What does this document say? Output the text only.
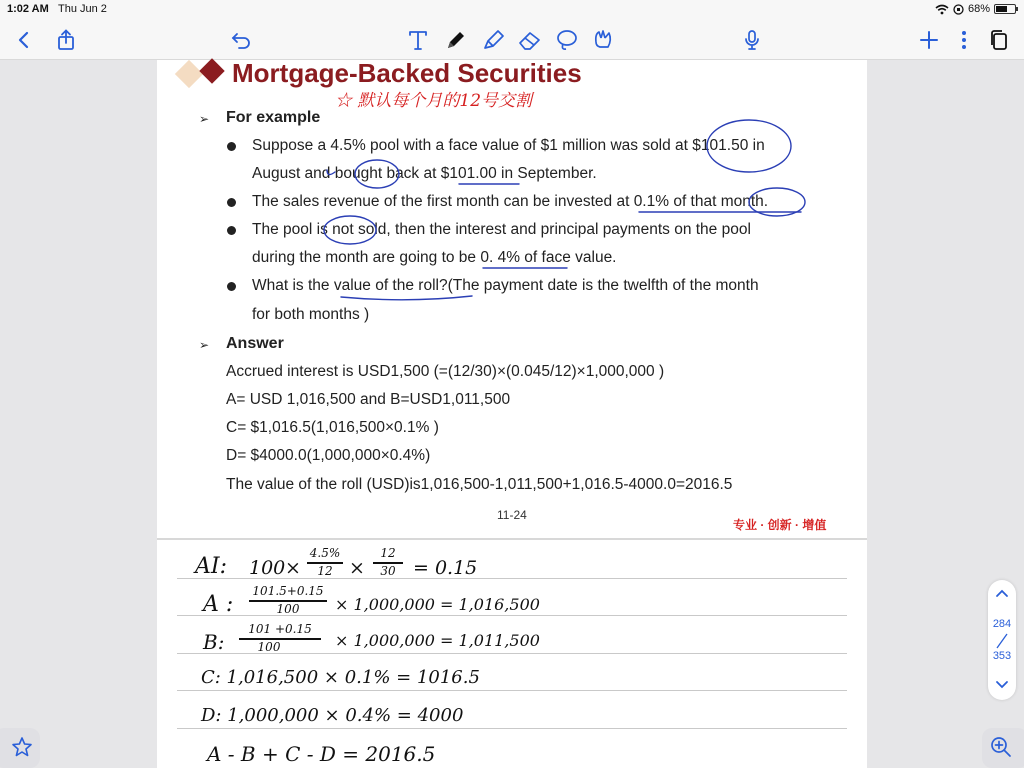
1:02 AM Thu Jun 2	68%
Mortgage-Backed Securities
☆ 默认每个月的12号交割
➢ For example
Suppose a 4.5% pool with a face value of $1 million was sold at $101.50 in
August and bought back at $101.00 in September.
The sales revenue of the first month can be invested at 0.1% of that month.
The pool is not sold, then the interest and principal payments on the pool
during the month are going to be 0. 4% of face value.
What is the value of the roll?(The payment date is the twelfth of the month
for both months )
➢ Answer
Accrued interest is USD1,500 (=(12/30)×(0.045/12)×1,000,000 )
A= USD 1,016,500 and B=USD1,011,500
C= $1,016.5(1,016,500×0.1% )
D= $4000.0(1,000,000×0.4%)
The value of the roll (USD)is1,016,500-1,011,500+1,016.5-4000.0=2016.5
11-24
专业 · 创新 · 增值
AI: 100 ×
4.5%
12 ×
12
30 = 0.15
A :
101.5+0.15
100	× 1,000,000 = 1,016,500
B:
101 +0.15
100	× 1,000,000 = 1,011,500
C: 1,016,500 × 0.1% = 1016.5
D: 1,000,000 × 0.4% = 4000
A - B + C - D = 2016.5
284
353
